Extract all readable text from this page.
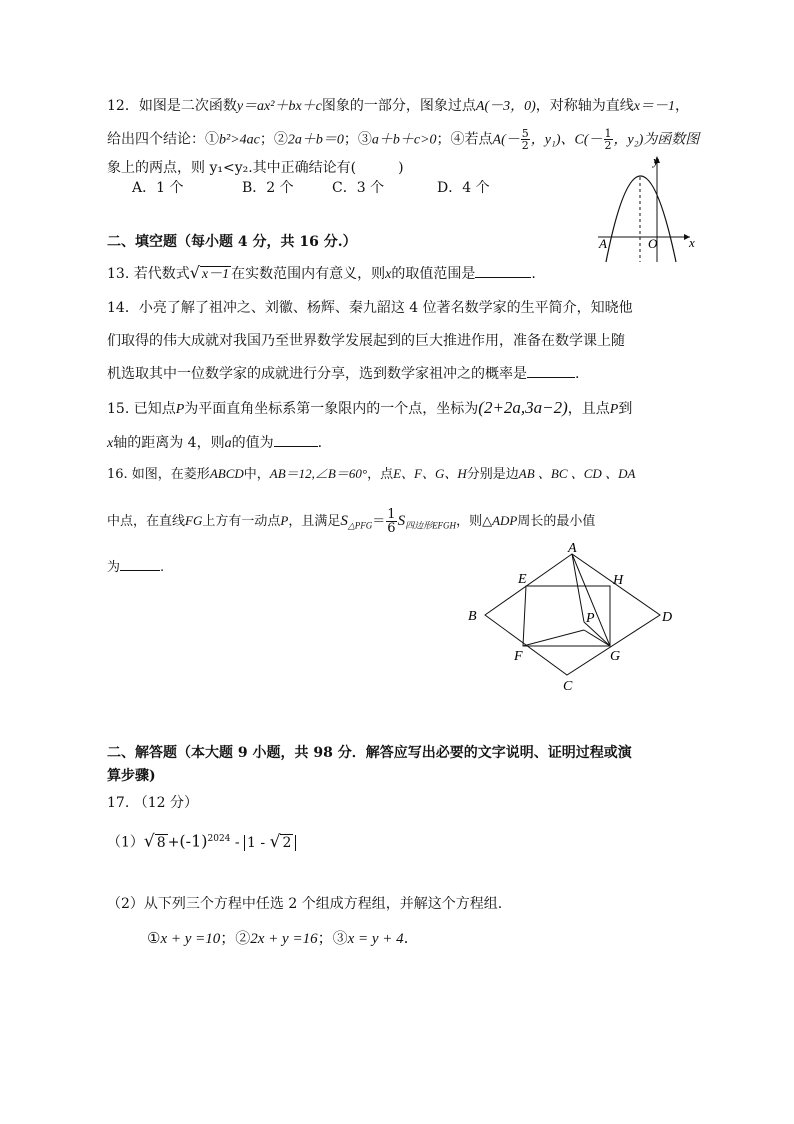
12．如图是二次函数y＝ax²＋bx＋c图象的一部分，图象过点A(－3，0)，对称轴为直线x＝－1，
给出四个结论：①b²>4ac；②2a＋b＝0；③a＋b＋c>0；④若点$A(- \frac{5}{2}$ ，y₁)、$C(- \frac{1}{2}$ ，y₂)为函数图
象上的两点，则 y₁<y₂.其中正确结论有(　　　)
A．1 个	B．2 个	C．3 个	D．4 个
y
x
A	O
二、填空题（每小题 4 分，共 16 分.）
13. 若代数式√ x－1 在实数范围内有意义，则x的取值范围是	.
14．小亮了解了祖冲之、刘徽、杨辉、秦九韶这 4 位著名数学家的生平简介，知晓他
们取得的伟大成就对我国乃至世界数学发展起到的巨大推进作用，准备在数学课上随
机选取其中一位数学家的成就进行分享，选到数学家祖冲之的概率是	.
15. 已知点P为平面直角坐标系第一象限内的一个点，坐标为(2+2a,3a−2)，且点P到
x轴的距离为 4，则a的值为	.
16. 如图，在菱形ABCD中，AB＝12,∠B＝60°，点E、F、G、H分别是边AB 、BC 、CD 、DA
中点，在直线FG上方有一动点P，且满足$S_{\triangle PFG}= \frac{1}{6} S_{四边形EFGH}$，则△ADP周长的最小值
为	.
A
B
C
D
E
F	G
H
P
二、解答题（本大题 9 小题，共 98 分．解答应写出必要的文字说明、证明过程或演
算步骤)
17. （12 分）
（1）√ $8 +(-1)^{2024} - 1$ - √ 2
（2）从下列三个方程中任选 2 个组成方程组，并解这个方程组.
①x + y =10；②2x + y =16；③x = y + 4.
